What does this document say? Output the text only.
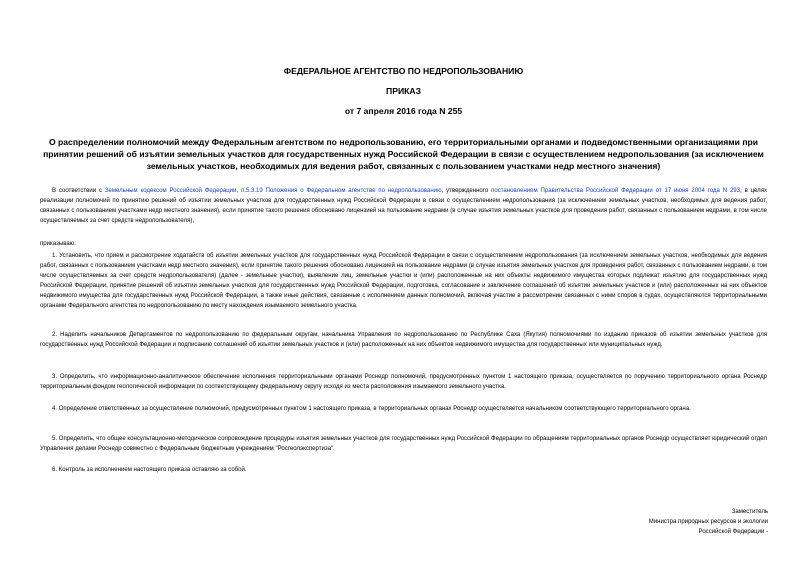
ФЕДЕРАЛЬНОЕ АГЕНТСТВО ПО НЕДРОПОЛЬЗОВАНИЮ
ПРИКАЗ
от 7 апреля 2016 года N 255
О распределении полномочий между Федеральным агентством по недропользованию, его территориальными органами и подведомственными организациями при принятии решений об изъятии земельных участков для государственных нужд Российской Федерации в связи с осуществлением недропользования (за исключением земельных участков, необходимых для ведения работ, связанных с пользованием участками недр местного значения)
В соответствии с Земельным кодексом Российской Федерации, п.5.3.19 Положения о Федеральном агентстве по недропользованию, утвержденного постановлением Правительства Российской Федерации от 17 июня 2004 года N 293, в целях реализации полномочий по принятию решений об изъятии земельных участков для государственных нужд Российской Федерации в связи с осуществлением недропользования (за исключением земельных участков, необходимых для ведения работ, связанных с пользованием участками недр местного значения), если принятие такого решения обосновано лицензией на пользование недрами (в случае изъятия земельных участков для проведения работ, связанных с пользованием недрами, в том числе осуществляемых за счет средств недропользователя),
приказываю:
1. Установить, что прием и рассмотрение ходатайств об изъятии земельных участков для государственных нужд Российской Федерации в связи с осуществлением недропользования (за исключением земельных участков, необходимых для ведения работ, связанных с пользованием участками недр местного значения), если принятие такого решения обосновано лицензией на пользование недрами (в случае изъятия земельных участков для проведения работ, связанных с пользованием недрами, в том числе осуществляемых за счет средств недропользователя) (далее - земельные участки), выявление лиц, земельные участки и (или) расположенные на них объекты недвижимого имущества которых подлежат изъятию для государственных нужд Российской Федерации, принятие решений об изъятии земельных участков для государственных нужд Российской Федерации, подготовка, согласование и заключение соглашений об изъятии земельных участков и (или) расположенных на них объектов недвижимого имущества для государственных нужд Российской Федерации, а также иные действия, связанные с исполнением данных полномочий, включая участие в рассмотрении связанных с ними споров в судах, осуществляются территориальными органами Федерального агентства по недропользованию по месту нахождения изымаемого земельного участка.
2. Наделить начальников Департаментов по недропользованию по федеральным округам, начальника Управления по недропользованию по Республике Саха (Якутия) полномочиями по изданию приказов об изъятии земельных участков для государственных нужд Российской Федерации и подписанию соглашений об изъятии земельных участков и (или) расположенных на них объектов недвижимого имущества для государственных или муниципальных нужд.
3. Определить, что информационно-аналитическое обеспечение исполнения территориальными органами Роснедр полномочий, предусмотренных пунктом 1 настоящего приказа, осуществляется по поручению территориального органа Роснедр территориальным фондом геологической информации по соответствующему федеральному округу исходя из места расположения изымаемого земельного участка.
4. Определение ответственных за осуществление полномочий, предусмотренных пунктом 1 настоящего приказа, в территориальных органах Роснедр осуществляется начальником соответствующего территориального органа.
5. Определить, что общее консультационно-методическое сопровождение процедуры изъятия земельных участков для государственных нужд Российской Федерации по обращениям территориальных органов Роснедр осуществляет юридический отдел Управления делами Роснедр совместно с Федеральным бюджетным учреждением "Росгеолэкспертиза".
6. Контроль за исполнением настоящего приказа оставляю за собой.
Заместитель
Министра природных ресурсов и экологии
Российской Федерации -
